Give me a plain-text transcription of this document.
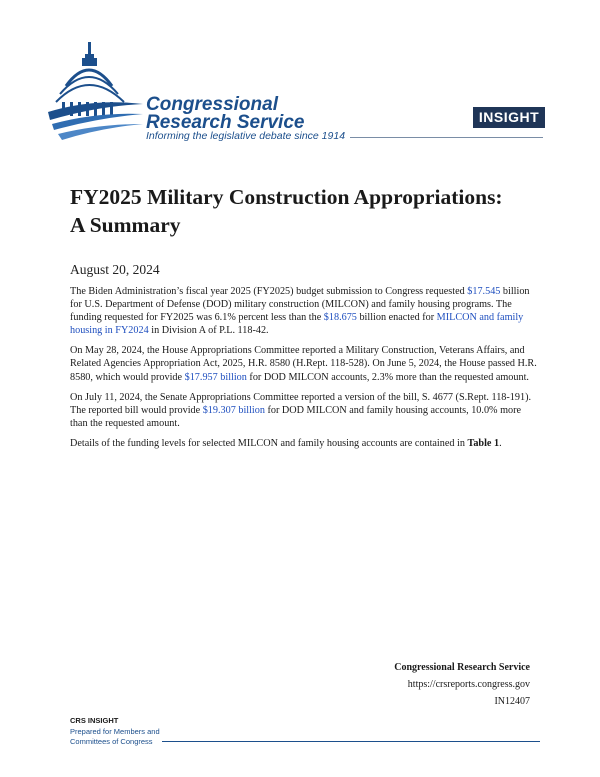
Congressional
Research Service
Informing the legislative debate since 1914
INSIGHT
FY2025 Military Construction Appropriations:
A Summary
August 20, 2024

The Biden Administration’s fiscal year 2025 (FY2025) budget submission to Congress requested $17.545 billion for U.S. Department of Defense (DOD) military construction (MILCON) and family housing programs. The funding requested for FY2025 was 6.1% percent less than the $18.675 billion enacted for MILCON and family housing in FY2024 in Division A of P.L. 118-42.

On May 28, 2024, the House Appropriations Committee reported a Military Construction, Veterans Affairs, and Related Agencies Appropriation Act, 2025, H.R. 8580 (H.Rept. 118-528). On June 5, 2024, the House passed H.R. 8580, which would provide $17.957 billion for DOD MILCON accounts, 2.3% more than the requested amount.

On July 11, 2024, the Senate Appropriations Committee reported a version of the bill, S. 4677 (S.Rept. 118-191). The reported bill would provide $19.307 billion for DOD MILCON and family housing accounts, 10.0% more than the requested amount.

Details of the funding levels for selected MILCON and family housing accounts are contained in Table 1.

Congressional Research Service
https://crsreports.congress.gov
IN12407
CRS INSIGHT
Prepared for Members and
Committees of Congress
